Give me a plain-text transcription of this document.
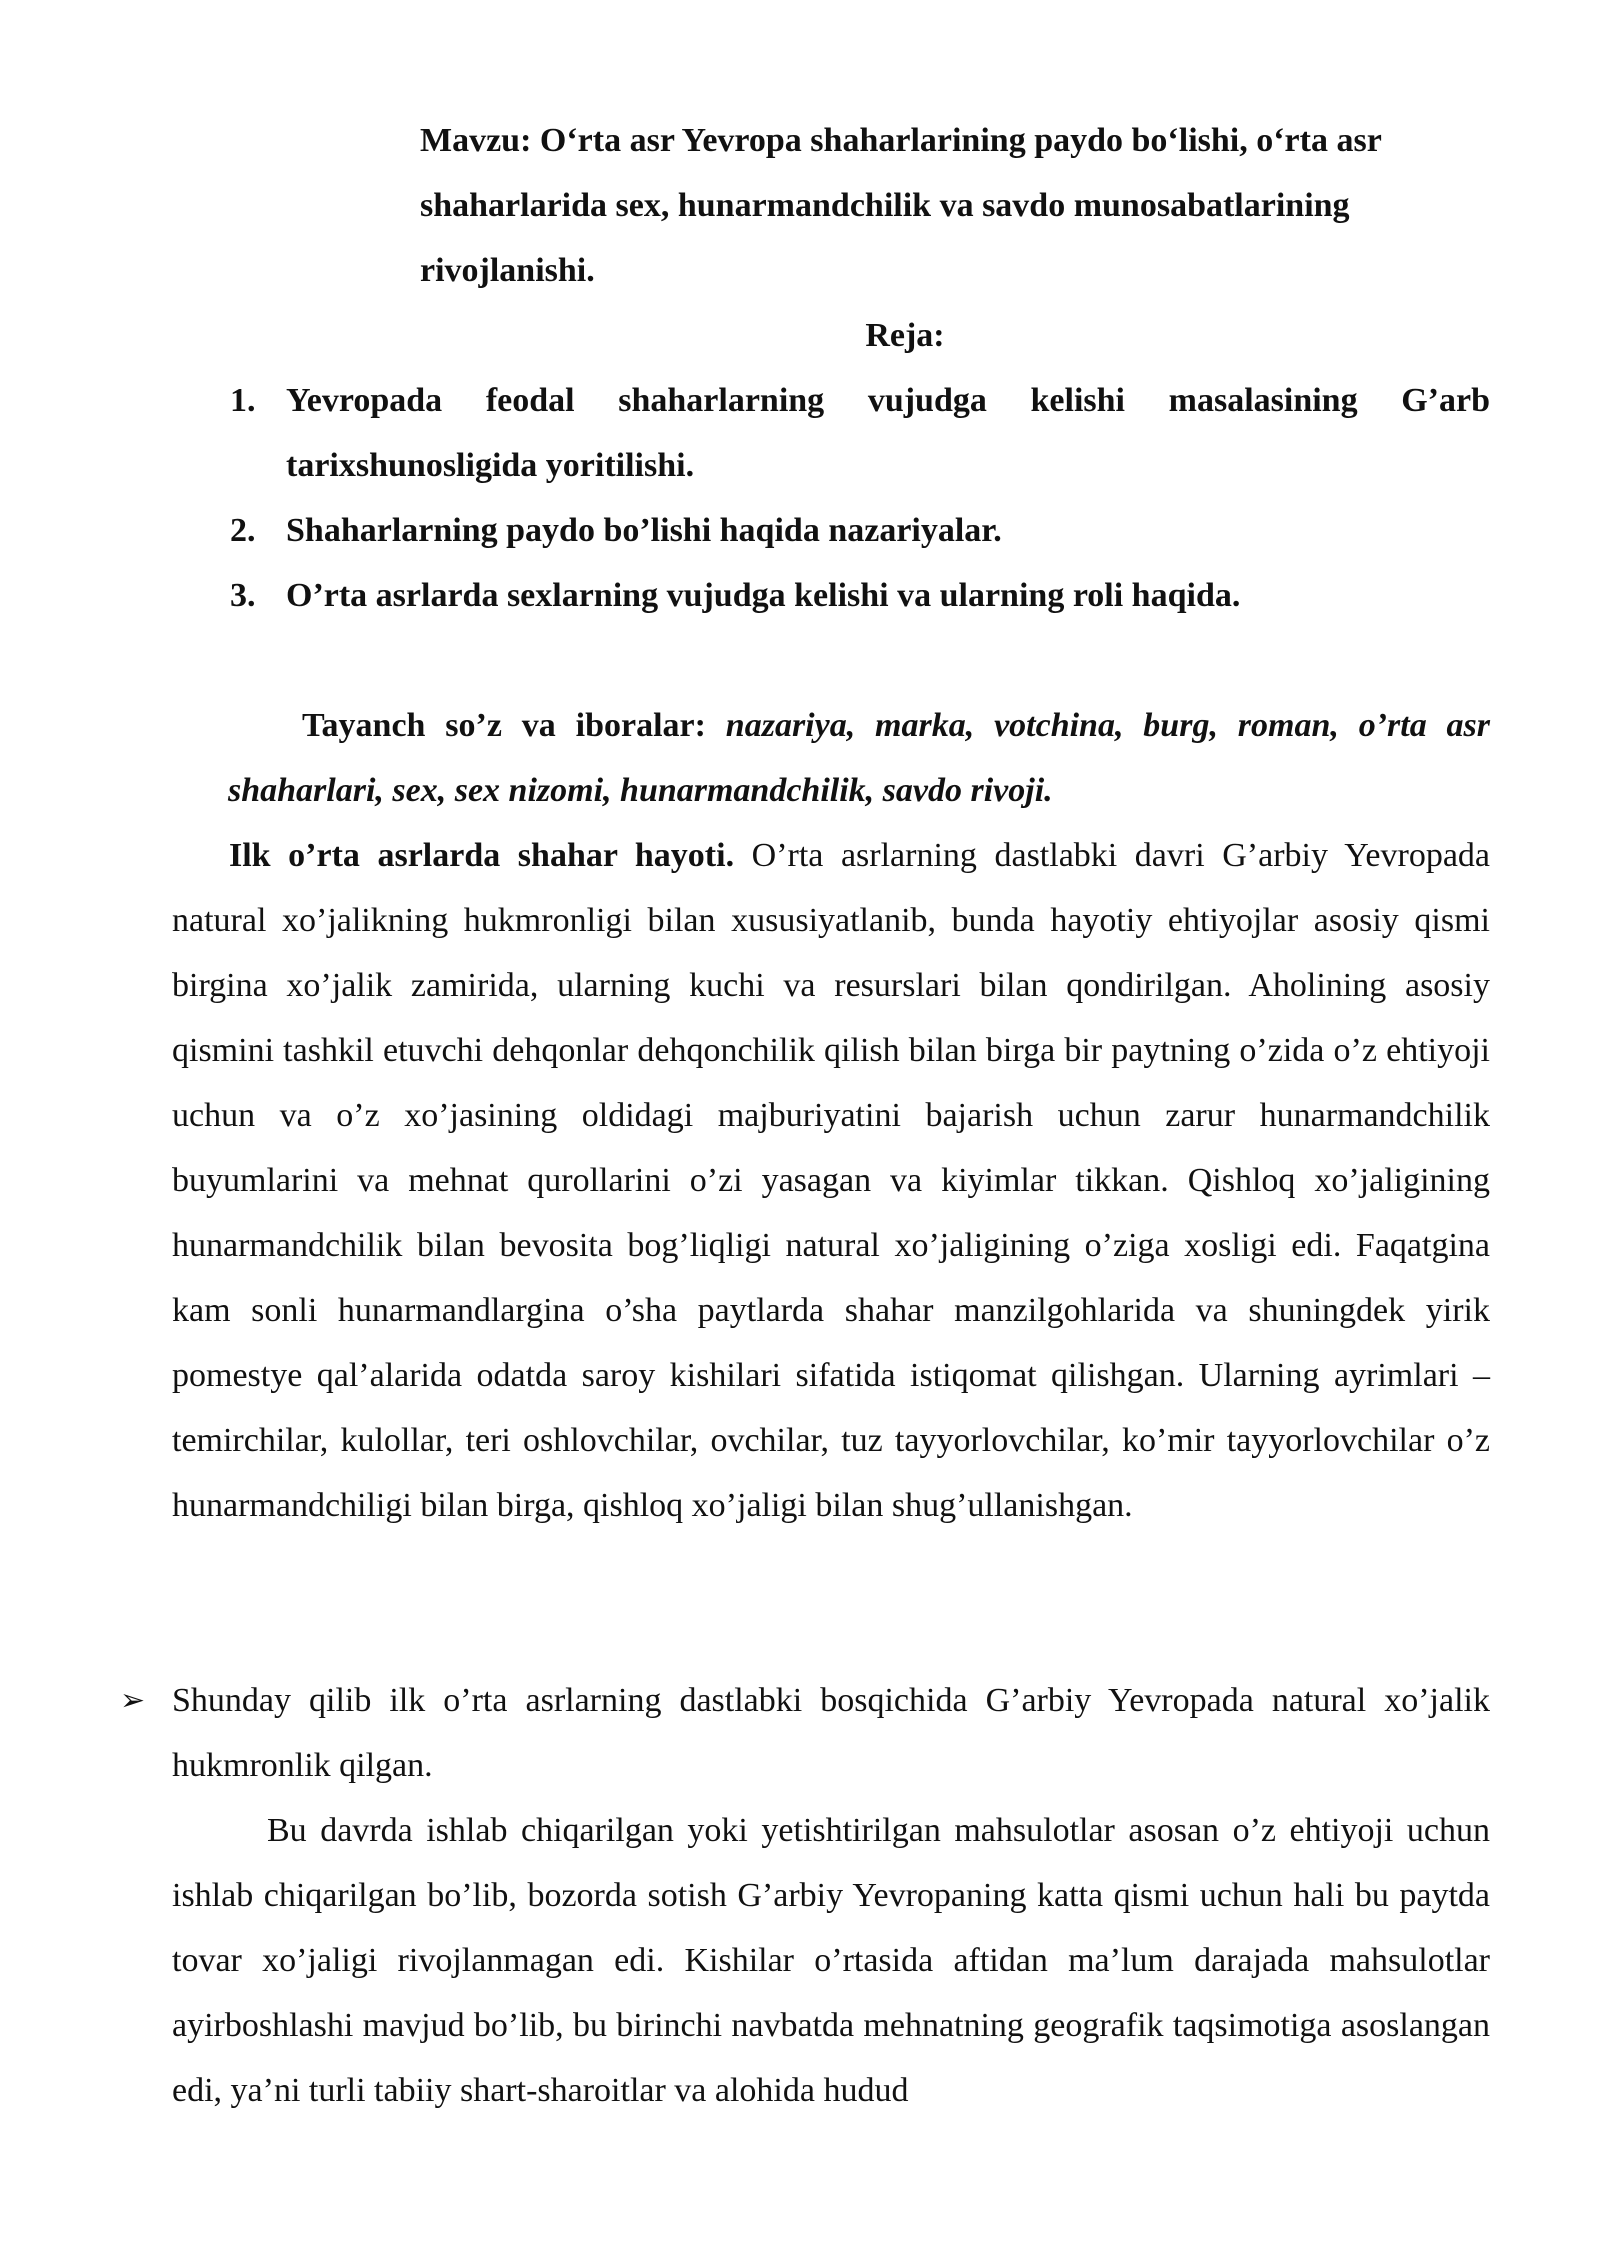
Mavzu: O‘rta asr Yevropa shaharlarining paydo bo‘lishi, o‘rta asr shaharlarida sex, hunarmandchilik va savdo munosabatlarining rivojlanishi.

Reja:

1. Yevropada feodal shaharlarning vujudga kelishi masalasining G’arb tarixshunosligida yoritilishi.
2. Shaharlarning paydo bo’lishi haqida nazariyalar.
3. O’rta asrlarda sexlarning vujudga kelishi va ularning roli haqida.

Tayanch so’z va iboralar: nazariya, marka, votchina, burg, roman, o’rta asr shaharlari, sex, sex nizomi, hunarmandchilik, savdo rivoji.

Ilk o’rta asrlarda shahar hayoti. O’rta asrlarning dastlabki davri G’arbiy Yevropada natural xo’jalikning hukmronligi bilan xususiyatlanib, bunda hayotiy ehtiyojlar asosiy qismi birgina xo’jalik zamirida, ularning kuchi va resurslari bilan qondirilgan. Aholining asosiy qismini tashkil etuvchi dehqonlar dehqonchilik qilish bilan birga bir paytning o’zida o’z ehtiyoji uchun va o’z xo’jasining oldidagi majburiyatini bajarish uchun zarur hunarmandchilik buyumlarini va mehnat qurollarini o’zi yasagan va kiyimlar tikkan. Qishloq xo’jaligining hunarmandchilik bilan bevosita bog’liqligi natural xo’jaligining o’ziga xosligi edi. Faqatgina kam sonli hunarmandlargina o’sha paytlarda shahar manzilgohlarida va shuningdek yirik pomestye qal’alarida odatda saroy kishilari sifatida istiqomat qilishgan. Ularning ayrimlari – temirchilar, kulollar, teri oshlovchilar, ovchilar, tuz tayyorlovchilar, ko’mir tayyorlovchilar o’z hunarmandchiligi bilan birga, qishloq xo’jaligi bilan shug’ullanishgan.

➢ Shunday qilib ilk o’rta asrlarning dastlabki bosqichida G’arbiy Yevropada natural xo’jalik hukmronlik qilgan.

Bu davrda ishlab chiqarilgan yoki yetishtirilgan mahsulotlar asosan o’z ehtiyoji uchun ishlab chiqarilgan bo’lib, bozorda sotish G’arbiy Yevropaning katta qismi uchun hali bu paytda tovar xo’jaligi rivojlanmagan edi. Kishilar o’rtasida aftidan ma’lum darajada mahsulotlar ayirboshlashi mavjud bo’lib, bu birinchi navbatda mehnatning geografik taqsimotiga asoslangan edi, ya’ni turli tabiiy shart-sharoitlar va alohida hudud
